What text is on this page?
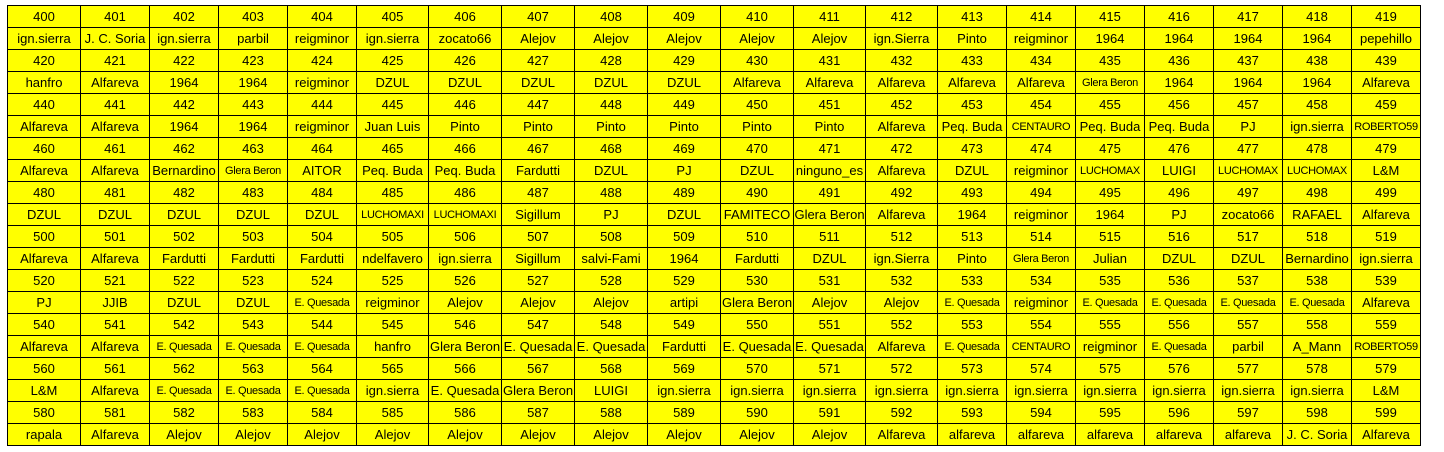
400	401	402	403	404	405	406	407	408	409	410	411	412	413	414	415	416	417	418	419
ign.sierra	J. C. Soria	ign.sierra	parbil	reigminor	ign.sierra	zocato66	Alejov	Alejov	Alejov	Alejov	Alejov	ign.Sierra	Pinto	reigminor	1964	1964	1964	1964	pepehillo
420	421	422	423	424	425	426	427	428	429	430	431	432	433	434	435	436	437	438	439
hanfro	Alfareva	1964	1964	reigminor	DZUL	DZUL	DZUL	DZUL	DZUL	Alfareva	Alfareva	Alfareva	Alfareva	Alfareva	Glera Beron	1964	1964	1964	Alfareva
440	441	442	443	444	445	446	447	448	449	450	451	452	453	454	455	456	457	458	459
Alfareva	Alfareva	1964	1964	reigminor	Juan Luis	Pinto	Pinto	Pinto	Pinto	Pinto	Pinto	Alfareva	Peq. Buda	CENTAURO	Peq. Buda	Peq. Buda	PJ	ign.sierra	ROBERTO59
460	461	462	463	464	465	466	467	468	469	470	471	472	473	474	475	476	477	478	479
Alfareva	Alfareva	Bernardino	Glera Beron	AITOR	Peq. Buda	Peq. Buda	Fardutti	DZUL	PJ	DZUL	ninguno_es	Alfareva	DZUL	reigminor	LUCHOMAX	LUIGI	LUCHOMAX	LUCHOMAX	L&M
480	481	482	483	484	485	486	487	488	489	490	491	492	493	494	495	496	497	498	499
DZUL	DZUL	DZUL	DZUL	DZUL	LUCHOMAXI	LUCHOMAXI	Sigillum	PJ	DZUL	FAMITECO	Glera Beron	Alfareva	1964	reigminor	1964	PJ	zocato66	RAFAEL	Alfareva
500	501	502	503	504	505	506	507	508	509	510	511	512	513	514	515	516	517	518	519
Alfareva	Alfareva	Fardutti	Fardutti	Fardutti	ndelfavero	ign.sierra	Sigillum	salvi-Fami	1964	Fardutti	DZUL	ign.Sierra	Pinto	Glera Beron	Julian	DZUL	DZUL	Bernardino	ign.sierra
520	521	522	523	524	525	526	527	528	529	530	531	532	533	534	535	536	537	538	539
PJ	JJIB	DZUL	DZUL	E. Quesada	reigminor	Alejov	Alejov	Alejov	artipi	Glera Beron	Alejov	Alejov	E. Quesada	reigminor	E. Quesada	E. Quesada	E. Quesada	E. Quesada	Alfareva
540	541	542	543	544	545	546	547	548	549	550	551	552	553	554	555	556	557	558	559
Alfareva	Alfareva	E. Quesada	E. Quesada	E. Quesada	hanfro	Glera Beron	E. Quesada	E. Quesada	Fardutti	E. Quesada	E. Quesada	Alfareva	E. Quesada	CENTAURO	reigminor	E. Quesada	parbil	A_Mann	ROBERTO59
560	561	562	563	564	565	566	567	568	569	570	571	572	573	574	575	576	577	578	579
L&M	Alfareva	E. Quesada	E. Quesada	E. Quesada	ign.sierra	E. Quesada	Glera Beron	LUIGI	ign.sierra	ign.sierra	ign.sierra	ign.sierra	ign.sierra	ign.sierra	ign.sierra	ign.sierra	ign.sierra	ign.sierra	L&M
580	581	582	583	584	585	586	587	588	589	590	591	592	593	594	595	596	597	598	599
rapala	Alfareva	Alejov	Alejov	Alejov	Alejov	Alejov	Alejov	Alejov	Alejov	Alejov	Alejov	Alfareva	alfareva	alfareva	alfareva	alfareva	alfareva	J. C. Soria	Alfareva
